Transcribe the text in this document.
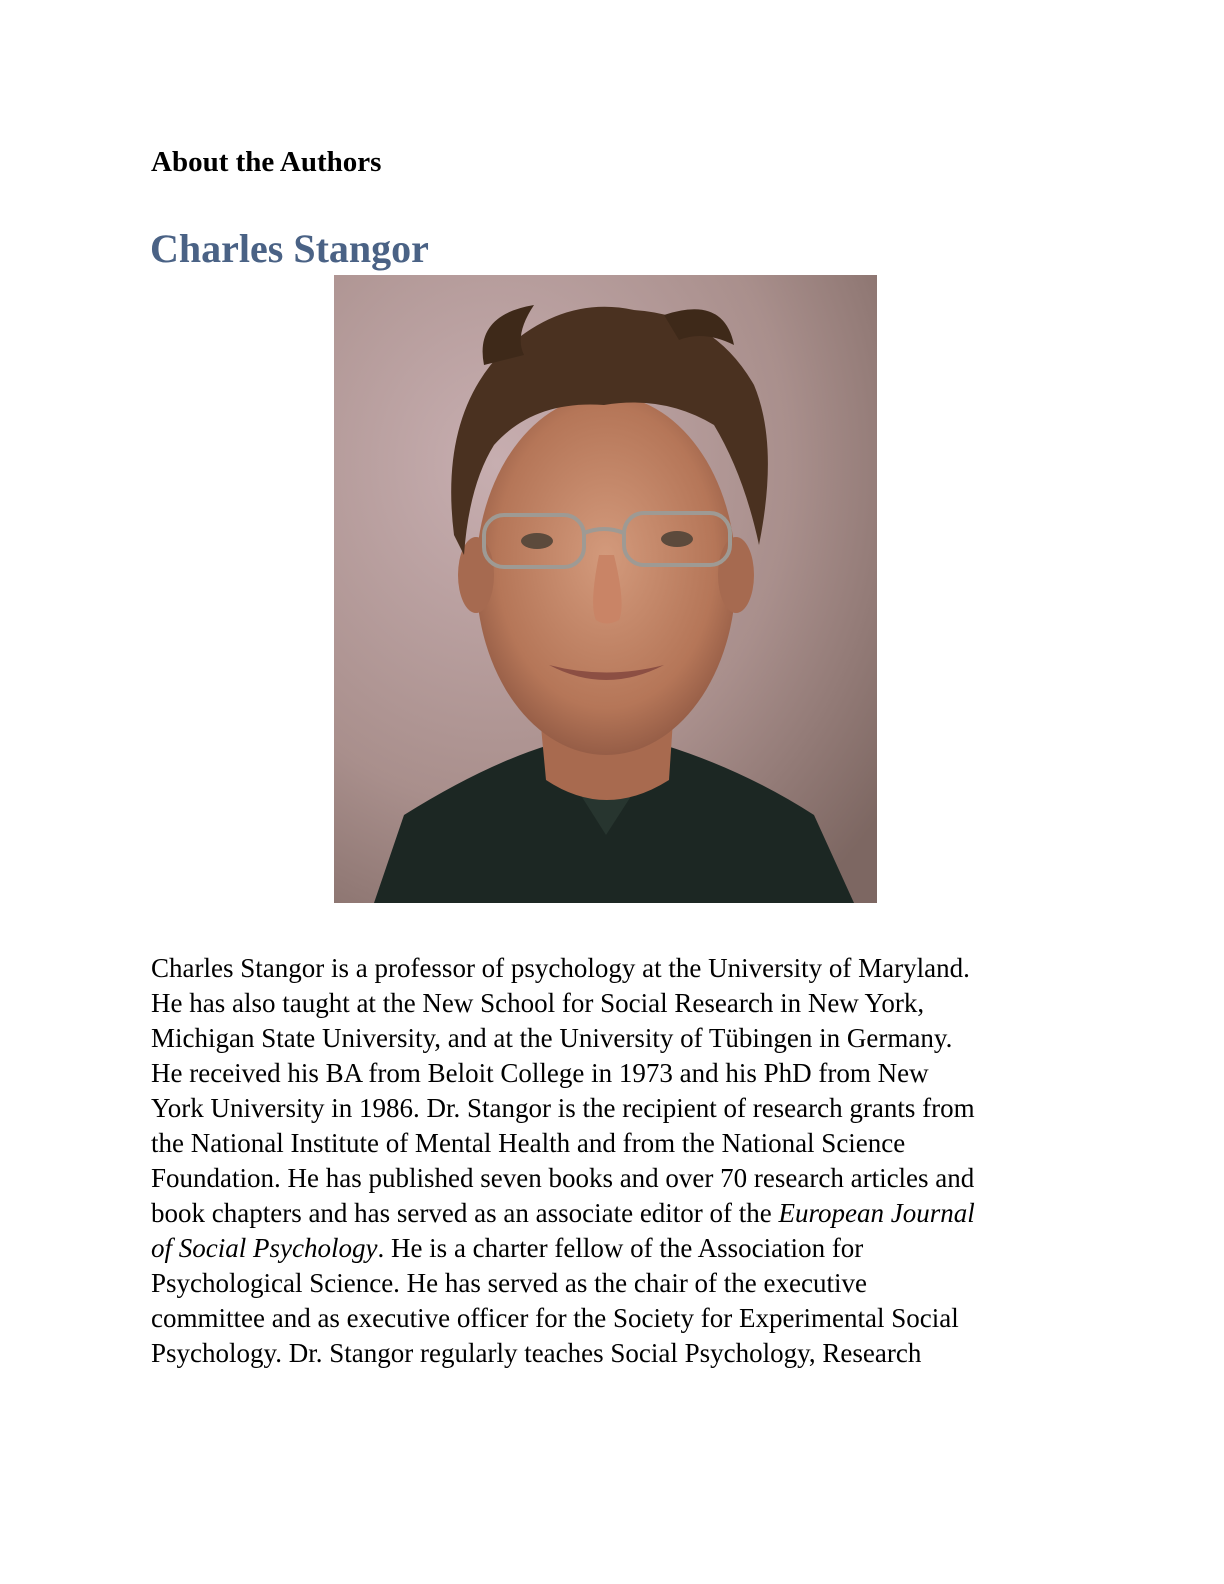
About the Authors
Charles Stangor

Charles Stangor is a professor of psychology at the University of Maryland.
He has also taught at the New School for Social Research in New York,
Michigan State University, and at the University of Tübingen in Germany.
He received his BA from Beloit College in 1973 and his PhD from New
York University in 1986. Dr. Stangor is the recipient of research grants from
the National Institute of Mental Health and from the National Science
Foundation. He has published seven books and over 70 research articles and
book chapters and has served as an associate editor of the European Journal
of Social Psychology. He is a charter fellow of the Association for
Psychological Science. He has served as the chair of the executive
committee and as executive officer for the Society for Experimental Social
Psychology. Dr. Stangor regularly teaches Social Psychology, Research
